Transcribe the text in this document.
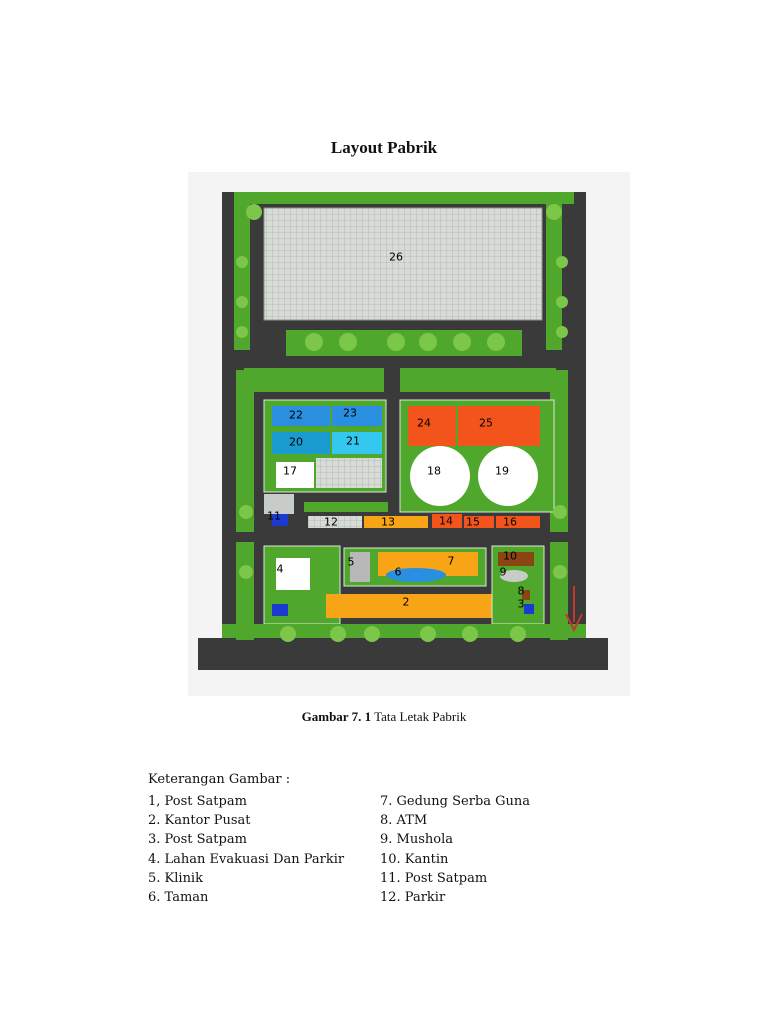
Layout Pabrik
26
22	23
20	21
24	25
17	18	19
11	12	13	14 15 16
4
5	7
6
10
9
2
8
3
Gambar 7. 1 Tata Letak Pabrik
Keterangan Gambar :
1, Post Satpam
2. Kantor Pusat
3. Post Satpam
4. Lahan Evakuasi Dan Parkir
5. Klinik
6. Taman
7. Gedung Serba Guna
8. ATM
9. Mushola
10. Kantin
11. Post Satpam
12. Parkir
